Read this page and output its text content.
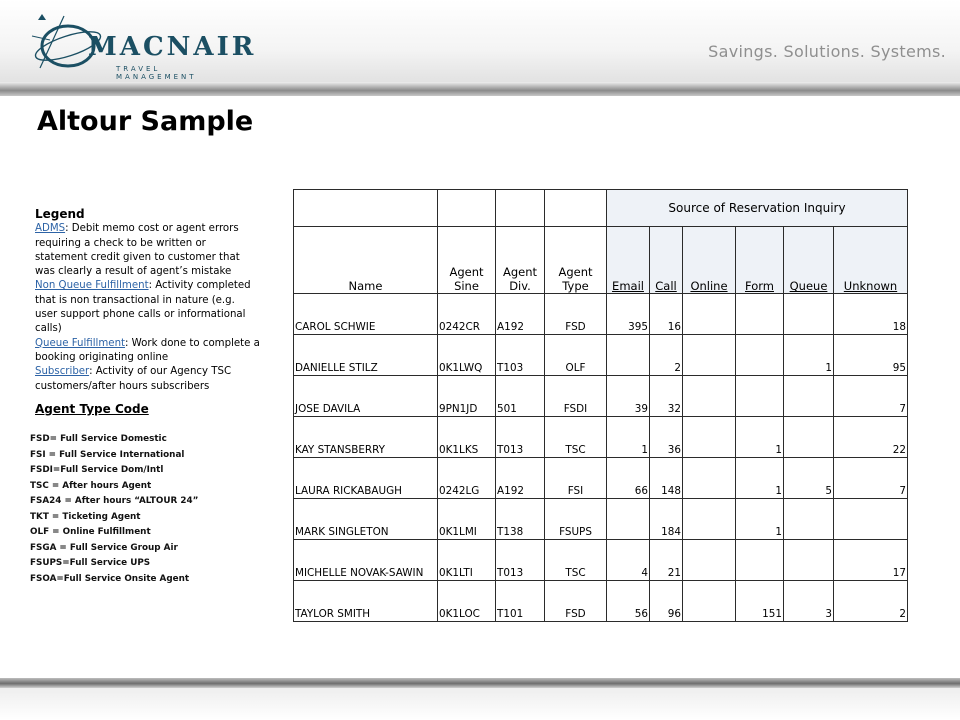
MACNAIR
TRAVEL MANAGEMENT
Savings. Solutions. Systems.
Altour Sample
Legend
ADMS: Debit memo cost or agent errors requiring a check to be written or statement credit given to customer that was clearly a result of agent’s mistake
Non Queue Fulfillment: Activity completed that is non transactional in nature (e.g. user support phone calls or informational calls)
Queue Fulfillment: Work done to complete a booking originating online
Subscriber: Activity of our Agency TSC customers/after hours subscribers
Agent Type Code
FSD= Full Service Domestic
FSI = Full Service International
FSDI=Full Service Dom/Intl
TSC = After hours Agent
FSA24 = After hours “ALTOUR 24”
TKT = Ticketing Agent
OLF = Online Fulfillment
FSGA = Full Service Group Air
FSUPS=Full Service UPS
FSOA=Full Service Onsite Agent
				Source of Reservation Inquiry					
Name	Agent Sine	Agent Div.	Agent Type	Email	Call	Online	Form	Queue	Unknown
CAROL SCHWIE	0242CR	A192	FSD	395	16				18
DANIELLE STILZ	0K1LWQ	T103	OLF		2			1	95
JOSE DAVILA	9PN1JD	501	FSDI	39	32				7
KAY STANSBERRY	0K1LKS	T013	TSC	1	36		1		22
LAURA RICKABAUGH	0242LG	A192	FSI	66	148		1	5	7
MARK SINGLETON	0K1LMI	T138	FSUPS		184		1		
MICHELLE NOVAK-SAWIN	0K1LTI	T013	TSC	4	21				17
TAYLOR SMITH	0K1LOC	T101	FSD	56	96		151	3	2
